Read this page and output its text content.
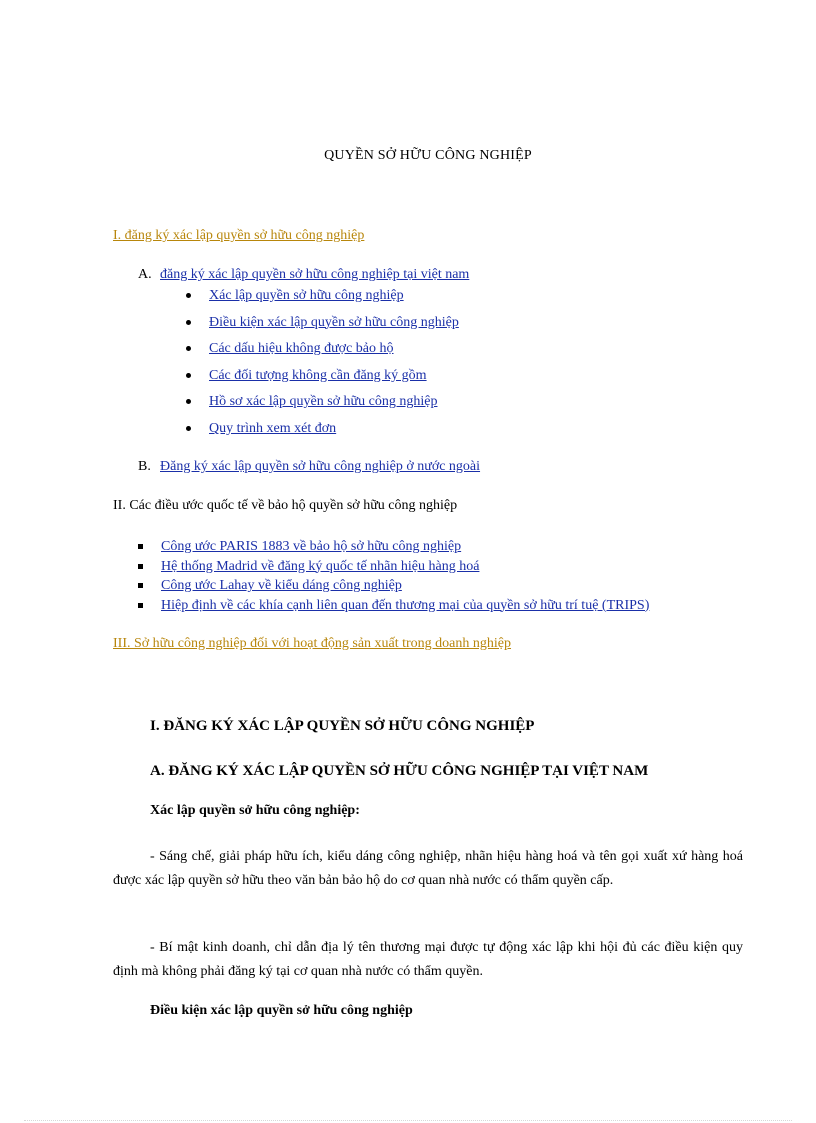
QUYỀN SỞ HỮU CÔNG NGHIỆP
I. đăng ký xác lập quyền sở hữu công nghiệp
A. đăng ký xác lập quyền sở hữu công nghiệp tại việt nam
Xác lập quyền sở hữu công nghiệp
Điều kiện xác lập quyền sở hữu công nghiệp
Các dấu hiệu không được bảo hộ
Các đối tượng không cần đăng ký gồm
Hồ sơ xác lập quyền sở hữu công nghiệp
Quy trình xem xét đơn
B. Đăng ký xác lập quyền sở hữu công nghiệp ở nước ngoài
II. Các điều ước quốc tế về bảo hộ quyền sở hữu công nghiệp
Công ước PARIS 1883 về bảo hộ sở hữu công nghiệp
Hệ thống Madrid về đăng ký quốc tế nhãn hiệu hàng hoá
Công ước Lahay về kiểu dáng công nghiệp
Hiệp định về các khía cạnh liên quan đến thương mại của quyền sở hữu trí tuệ (TRIPS)
III. Sở hữu công nghiệp đối với hoạt động sản xuất trong doanh nghiệp
I. ĐĂNG KÝ XÁC LẬP QUYỀN SỞ HỮU CÔNG NGHIỆP
A. ĐĂNG KÝ XÁC LẬP QUYỀN SỞ HỮU CÔNG NGHIỆP TẠI VIỆT NAM
Xác lập quyền sở hữu công nghiệp:

- Sáng chế, giải pháp hữu ích, kiểu dáng công nghiệp, nhãn hiệu hàng hoá và tên gọi xuất xứ hàng hoá được xác lập quyền sở hữu theo văn bản bảo hộ do cơ quan nhà nước có thẩm quyền cấp.

- Bí mật kinh doanh, chỉ dẫn địa lý tên thương mại được tự động xác lập khi hội đủ các điều kiện quy định mà không phải đăng ký tại cơ quan nhà nước có thẩm quyền.

Điều kiện xác lập quyền sở hữu công nghiệp
